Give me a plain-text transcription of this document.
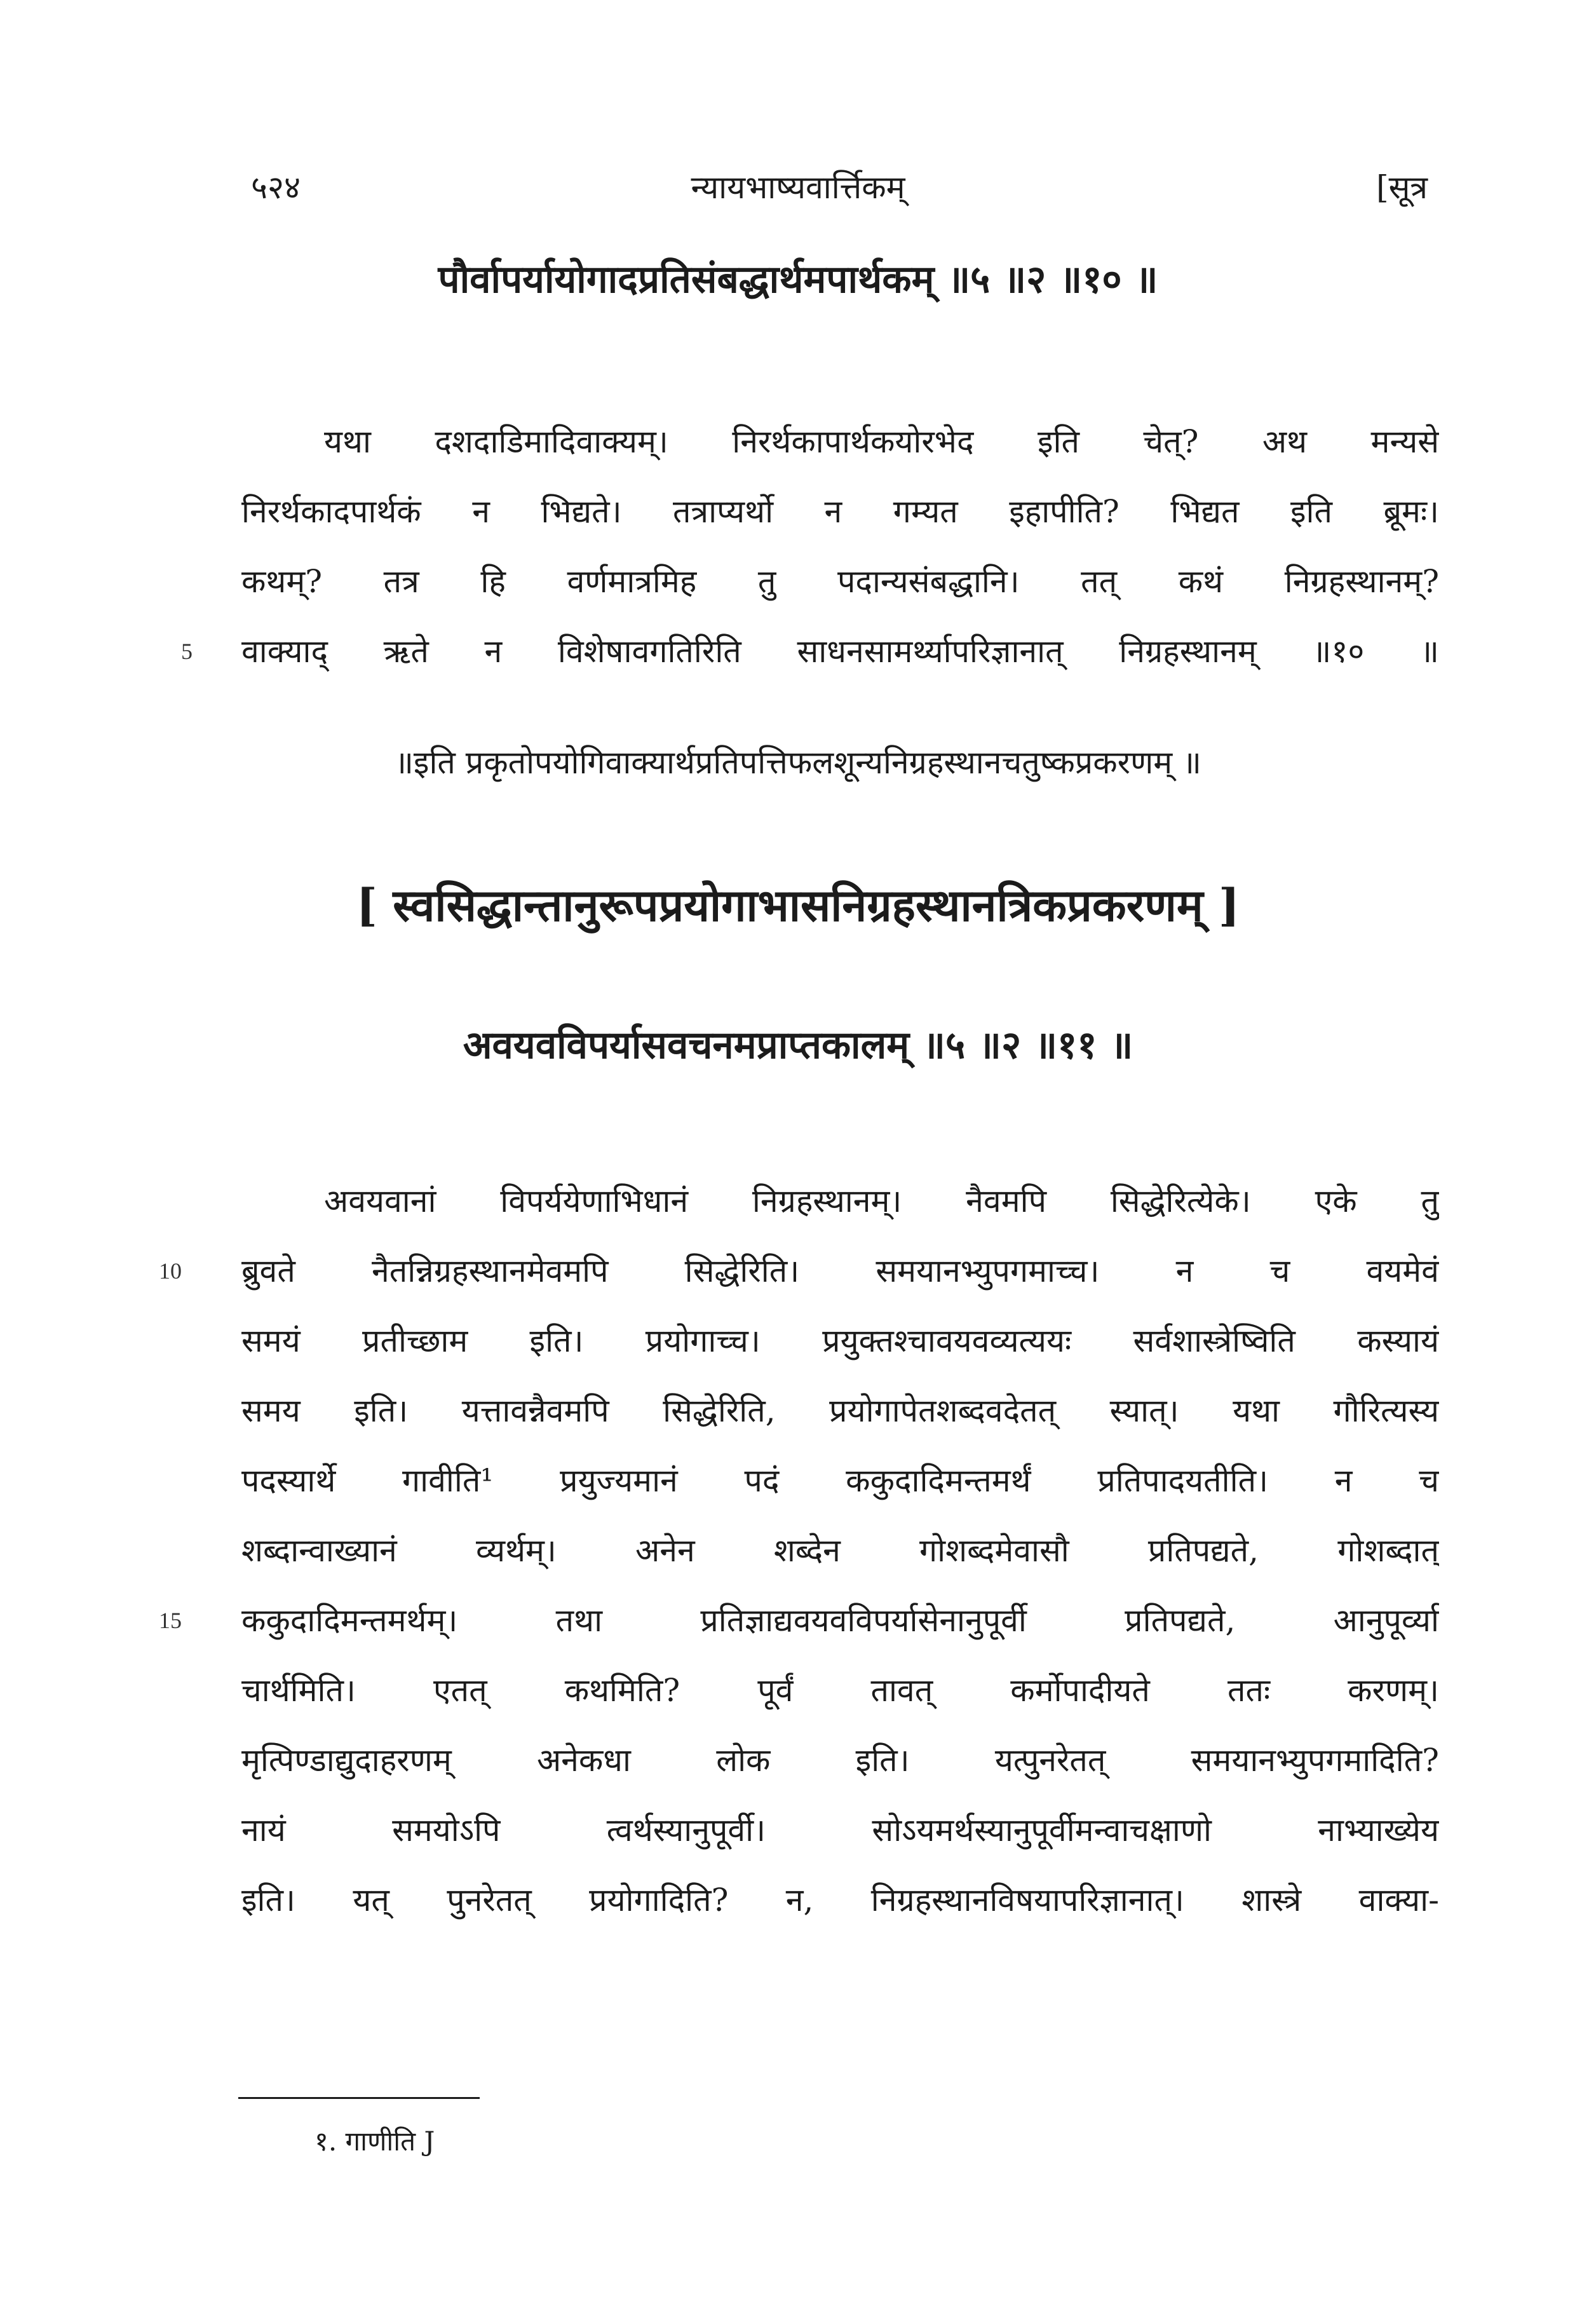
५२४	न्यायभाष्यवार्त्तिकम्	[सूत्र
पौर्वापर्यायोगादप्रतिसंबद्धार्थमपार्थकम् ॥५ ॥२ ॥१० ॥
यथा दशदाडिमादिवाक्यम्। निरर्थकापार्थकयोरभेद इति चेत्? अथ मन्यसे
निरर्थकादपार्थकं न भिद्यते। तत्राप्यर्थो न गम्यत इहापीति? भिद्यत इति ब्रूमः।
कथम्? तत्र हि वर्णमात्रमिह तु पदान्यसंबद्धानि। तत् कथं निग्रहस्थानम्?
वाक्याद् ऋते न विशेषावगतिरिति साधनसामर्थ्यापरिज्ञानात् निग्रहस्थानम् ॥१० ॥
5
॥इति प्रकृतोपयोगिवाक्यार्थप्रतिपत्तिफलशून्यनिग्रहस्थानचतुष्कप्रकरणम् ॥
[ स्वसिद्धान्तानुरूपप्रयोगाभासनिग्रहस्थानत्रिकप्रकरणम् ]
अवयवविपर्यासवचनमप्राप्तकालम् ॥५ ॥२ ॥११ ॥
अवयवानां विपर्ययेणाभिधानं निग्रहस्थानम्। नैवमपि सिद्धेरित्येके। एके तु
ब्रुवते नैतन्निग्रहस्थानमेवमपि सिद्धेरिति। समयानभ्युपगमाच्च। न च वयमेवं
समयं प्रतीच्छाम इति। प्रयोगाच्च। प्रयुक्तश्चावयवव्यत्ययः सर्वशास्त्रेष्विति कस्यायं
समय इति। यत्तावन्नैवमपि सिद्धेरिति, प्रयोगापेतशब्दवदेतत् स्यात्। यथा गौरित्यस्य
पदस्यार्थे गावीति¹ प्रयुज्यमानं पदं ककुदादिमन्तमर्थं प्रतिपादयतीति। न च
शब्दान्वाख्यानं व्यर्थम्। अनेन शब्देन गोशब्दमेवासौ प्रतिपद्यते, गोशब्दात्
ककुदादिमन्तमर्थम्। तथा प्रतिज्ञाद्यवयवविपर्यासेनानुपूर्वी प्रतिपद्यते, आनुपूर्व्या
चार्थमिति। एतत् कथमिति? पूर्वं तावत् कर्मोपादीयते ततः करणम्।
मृत्पिण्डाद्युदाहरणम् अनेकधा लोक इति। यत्पुनरेतत् समयानभ्युपगमादिति?
नायं समयोऽपि त्वर्थस्यानुपूर्वी। सोऽयमर्थस्यानुपूर्वीमन्वाचक्षाणो नाभ्याख्येय
इति। यत् पुनरेतत् प्रयोगादिति? न, निग्रहस्थानविषयापरिज्ञानात्। शास्त्रे वाक्या-
10
15
१. गाणीति J
